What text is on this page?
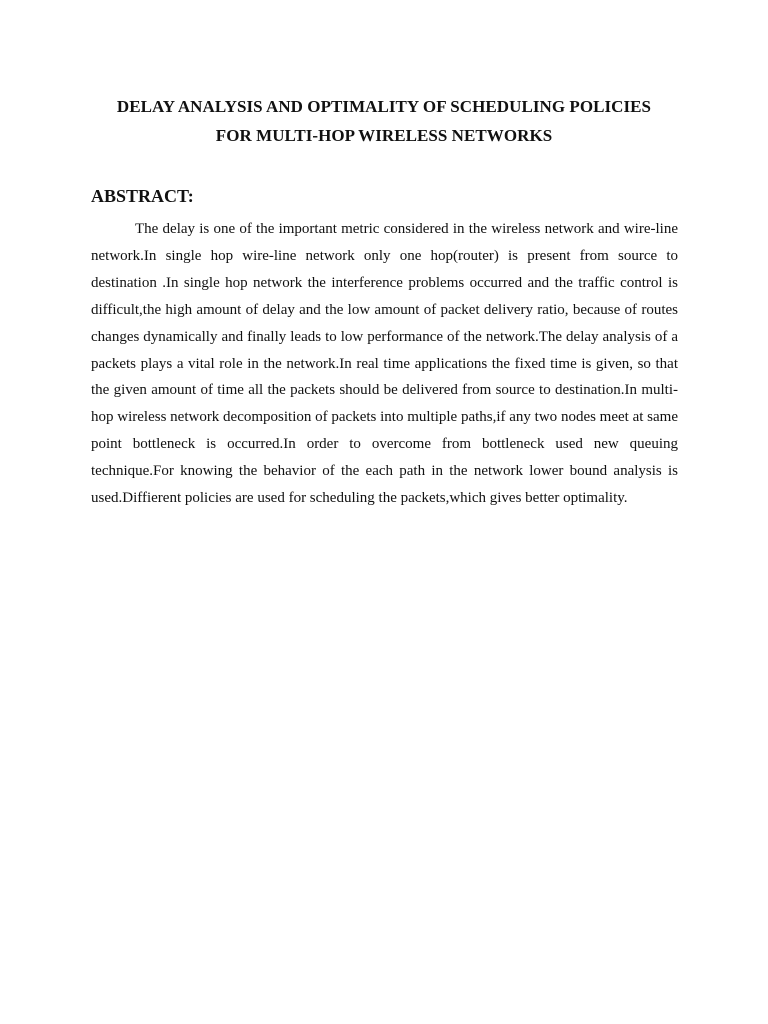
DELAY ANALYSIS AND OPTIMALITY OF SCHEDULING POLICIES
FOR MULTI-HOP WIRELESS NETWORKS
ABSTRACT:

The delay is one of the important metric considered in the wireless network and wire-line network.In single hop wire-line network only one hop(router) is present from source to destination .In single hop network the interference problems occurred and the traffic control is difficult,the high amount of delay and the low amount of packet delivery ratio, because of routes changes dynamically and finally leads to low performance of the network.The delay analysis of a packets plays a vital role in the network.In real time applications the fixed time is given, so that the given amount of time all the packets should be delivered from source to destination.In multi-hop wireless network decomposition of packets into multiple paths,if any two nodes meet at same point bottleneck is occurred.In order to overcome from bottleneck used new queuing technique.For knowing the behavior of the each path in the network lower bound analysis is used.Diffierent policies are used for scheduling the packets,which gives better optimality.
